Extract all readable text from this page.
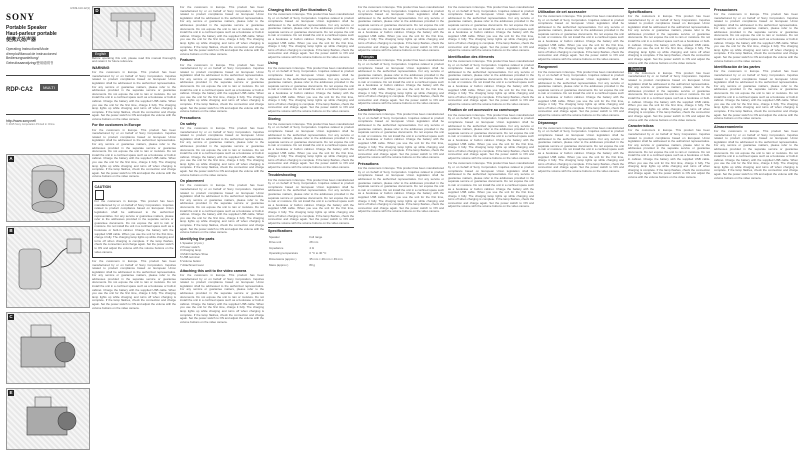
4-549-113-12(1)
SONY
Portable Speaker
Haut-parleur portable
便携式扬声器
Operating Instructions/Mode
d'emploi/Manual de instrucciones/
Bedienungsanleitung/
Gebruiksaanwijzing/使用说明书
RDP-CA2 MULTI
http://www.sony.net/
© 2015 Sony Corporation Printed in China
A
B
C
E
D
English

Before operating this unit, please read this manual thoroughly and retain it for future reference.

WARNING

For the customers in Europe. This product has been manufactured by or on behalf of Sony Corporation. Inquiries related to product compliance based on European Union legislation shall be addressed to the authorized representative. For any service or guarantee matters, please refer to the addresses provided in the separate service or guarantee documents. Do not expose the unit to rain or moisture. Do not install the unit in a confined space such as a bookcase or built-in cabinet. Charge the battery with the supplied USB cable. When you use the unit for the first time, charge it fully. The charging lamp lights up while charging and turns off when charging is complete. If the lamp flashes, check the connection and charge again. Set the power switch to ON and adjust the volume with the volume buttons on the video camera.

For the customers in Europe

For the customers in Europe. This product has been manufactured by or on behalf of Sony Corporation. Inquiries related to product compliance based on European Union legislation shall be addressed to the authorized representative. For any service or guarantee matters, please refer to the addresses provided in the separate service or guarantee documents. Do not expose the unit to rain or moisture. Do not install the unit in a confined space such as a bookcase or built-in cabinet. Charge the battery with the supplied USB cable. When you use the unit for the first time, charge it fully. The charging lamp lights up while charging and turns off when charging is complete. If the lamp flashes, check the connection and charge again. Set the power switch to ON and adjust the volume with the volume buttons on the video camera.

CAUTION

For the customers in Europe. This product has been manufactured by or on behalf of Sony Corporation. Inquiries related to product compliance based on European Union legislation shall be addressed to the authorized representative. For any service or guarantee matters, please refer to the addresses provided in the separate service or guarantee documents. Do not expose the unit to rain or moisture. Do not install the unit in a confined space such as a bookcase or built-in cabinet. Charge the battery with the supplied USB cable. When you use the unit for the first time, charge it fully. The charging lamp lights up while charging and turns off when charging is complete. If the lamp flashes, check the connection and charge again. Set the power switch to ON and adjust the volume with the volume buttons on the video camera.

For the customers in Europe. This product has been manufactured by or on behalf of Sony Corporation. Inquiries related to product compliance based on European Union legislation shall be addressed to the authorized representative. For any service or guarantee matters, please refer to the addresses provided in the separate service or guarantee documents. Do not expose the unit to rain or moisture. Do not install the unit in a confined space such as a bookcase or built-in cabinet. Charge the battery with the supplied USB cable. When you use the unit for the first time, charge it fully. The charging lamp lights up while charging and turns off when charging is complete. If the lamp flashes, check the connection and charge again. Set the power switch to ON and adjust the volume with the volume buttons on the video camera.

For the customers in Europe. This product has been manufactured by or on behalf of Sony Corporation. Inquiries related to product compliance based on European Union legislation shall be addressed to the authorized representative. For any service or guarantee matters, please refer to the addresses provided in the separate service or guarantee documents. Do not expose the unit to rain or moisture. Do not install the unit in a confined space such as a bookcase or built-in cabinet. Charge the battery with the supplied USB cable. When you use the unit for the first time, charge it fully. The charging lamp lights up while charging and turns off when charging is complete. If the lamp flashes, check the connection and charge again. Set the power switch to ON and adjust the volume with the volume buttons on the video camera.

Features

For the customers in Europe. This product has been manufactured by or on behalf of Sony Corporation. Inquiries related to product compliance based on European Union legislation shall be addressed to the authorized representative. For any service or guarantee matters, please refer to the addresses provided in the separate service or guarantee documents. Do not expose the unit to rain or moisture. Do not install the unit in a confined space such as a bookcase or built-in cabinet. Charge the battery with the supplied USB cable. When you use the unit for the first time, charge it fully. The charging lamp lights up while charging and turns off when charging is complete. If the lamp flashes, check the connection and charge again. Set the power switch to ON and adjust the volume with the volume buttons on the video camera.

Precautions
On safety

For the customers in Europe. This product has been manufactured by or on behalf of Sony Corporation. Inquiries related to product compliance based on European Union legislation shall be addressed to the authorized representative. For any service or guarantee matters, please refer to the addresses provided in the separate service or guarantee documents. Do not expose the unit to rain or moisture. Do not install the unit in a confined space such as a bookcase or built-in cabinet. Charge the battery with the supplied USB cable. When you use the unit for the first time, charge it fully. The charging lamp lights up while charging and turns off when charging is complete. If the lamp flashes, check the connection and charge again. Set the power switch to ON and adjust the volume with the volume buttons on the video camera.

On placement

For the customers in Europe. This product has been manufactured by or on behalf of Sony Corporation. Inquiries related to product compliance based on European Union legislation shall be addressed to the authorized representative. For any service or guarantee matters, please refer to the addresses provided in the separate service or guarantee documents. Do not expose the unit to rain or moisture. Do not install the unit in a confined space such as a bookcase or built-in cabinet. Charge the battery with the supplied USB cable. When you use the unit for the first time, charge it fully. The charging lamp lights up while charging and turns off when charging is complete. If the lamp flashes, check the connection and charge again. Set the power switch to ON and adjust the volume with the volume buttons on the video camera.

Identifying the parts
1 Speaker (2 pcs.)
2 Power switch
3 Charging lamp
4 Multi Interface Shoe
5 USB terminal
6 Volume button
7 Attachment lever
Attaching this unit to the video camera

For the customers in Europe. This product has been manufactured by or on behalf of Sony Corporation. Inquiries related to product compliance based on European Union legislation shall be addressed to the authorized representative. For any service or guarantee matters, please refer to the addresses provided in the separate service or guarantee documents. Do not expose the unit to rain or moisture. Do not install the unit in a confined space such as a bookcase or built-in cabinet. Charge the battery with the supplied USB cable. When you use the unit for the first time, charge it fully. The charging lamp lights up while charging and turns off when charging is complete. If the lamp flashes, check the connection and charge again. Set the power switch to ON and adjust the volume with the volume buttons on the video camera.

Charging this unit (See Illustration C)

For the customers in Europe. This product has been manufactured by or on behalf of Sony Corporation. Inquiries related to product compliance based on European Union legislation shall be addressed to the authorized representative. For any service or guarantee matters, please refer to the addresses provided in the separate service or guarantee documents. Do not expose the unit to rain or moisture. Do not install the unit in a confined space such as a bookcase or built-in cabinet. Charge the battery with the supplied USB cable. When you use the unit for the first time, charge it fully. The charging lamp lights up while charging and turns off when charging is complete. If the lamp flashes, check the connection and charge again. Set the power switch to ON and adjust the volume with the volume buttons on the video camera.

Using

For the customers in Europe. This product has been manufactured by or on behalf of Sony Corporation. Inquiries related to product compliance based on European Union legislation shall be addressed to the authorized representative. For any service or guarantee matters, please refer to the addresses provided in the separate service or guarantee documents. Do not expose the unit to rain or moisture. Do not install the unit in a confined space such as a bookcase or built-in cabinet. Charge the battery with the supplied USB cable. When you use the unit for the first time, charge it fully. The charging lamp lights up while charging and turns off when charging is complete. If the lamp flashes, check the connection and charge again. Set the power switch to ON and adjust the volume with the volume buttons on the video camera.

Storing

For the customers in Europe. This product has been manufactured by or on behalf of Sony Corporation. Inquiries related to product compliance based on European Union legislation shall be addressed to the authorized representative. For any service or guarantee matters, please refer to the addresses provided in the separate service or guarantee documents. Do not expose the unit to rain or moisture. Do not install the unit in a confined space such as a bookcase or built-in cabinet. Charge the battery with the supplied USB cable. When you use the unit for the first time, charge it fully. The charging lamp lights up while charging and turns off when charging is complete. If the lamp flashes, check the connection and charge again. Set the power switch to ON and adjust the volume with the volume buttons on the video camera.

Troubleshooting

For the customers in Europe. This product has been manufactured by or on behalf of Sony Corporation. Inquiries related to product compliance based on European Union legislation shall be addressed to the authorized representative. For any service or guarantee matters, please refer to the addresses provided in the separate service or guarantee documents. Do not expose the unit to rain or moisture. Do not install the unit in a confined space such as a bookcase or built-in cabinet. Charge the battery with the supplied USB cable. When you use the unit for the first time, charge it fully. The charging lamp lights up while charging and turns off when charging is complete. If the lamp flashes, check the connection and charge again. Set the power switch to ON and adjust the volume with the volume buttons on the video camera.

Specifications
Speaker	Full range
Drive unit	28 mm
Impedance	4 Ω
Operating temperature	0 °C to 40 °C
Dimensions (approx.)	35 mm × 49 mm × 49 mm
Mass (approx.)	80 g

For the customers in Europe. This product has been manufactured by or on behalf of Sony Corporation. Inquiries related to product compliance based on European Union legislation shall be addressed to the authorized representative. For any service or guarantee matters, please refer to the addresses provided in the separate service or guarantee documents. Do not expose the unit to rain or moisture. Do not install the unit in a confined space such as a bookcase or built-in cabinet. Charge the battery with the supplied USB cable. When you use the unit for the first time, charge it fully. The charging lamp lights up while charging and turns off when charging is complete. If the lamp flashes, check the connection and charge again. Set the power switch to ON and adjust the volume with the volume buttons on the video camera.

Français

For the customers in Europe. This product has been manufactured by or on behalf of Sony Corporation. Inquiries related to product compliance based on European Union legislation shall be addressed to the authorized representative. For any service or guarantee matters, please refer to the addresses provided in the separate service or guarantee documents. Do not expose the unit to rain or moisture. Do not install the unit in a confined space such as a bookcase or built-in cabinet. Charge the battery with the supplied USB cable. When you use the unit for the first time, charge it fully. The charging lamp lights up while charging and turns off when charging is complete. If the lamp flashes, check the connection and charge again. Set the power switch to ON and adjust the volume with the volume buttons on the video camera.

Caractéristiques

For the customers in Europe. This product has been manufactured by or on behalf of Sony Corporation. Inquiries related to product compliance based on European Union legislation shall be addressed to the authorized representative. For any service or guarantee matters, please refer to the addresses provided in the separate service or guarantee documents. Do not expose the unit to rain or moisture. Do not install the unit in a confined space such as a bookcase or built-in cabinet. Charge the battery with the supplied USB cable. When you use the unit for the first time, charge it fully. The charging lamp lights up while charging and turns off when charging is complete. If the lamp flashes, check the connection and charge again. Set the power switch to ON and adjust the volume with the volume buttons on the video camera.

Précautions

For the customers in Europe. This product has been manufactured by or on behalf of Sony Corporation. Inquiries related to product compliance based on European Union legislation shall be addressed to the authorized representative. For any service or guarantee matters, please refer to the addresses provided in the separate service or guarantee documents. Do not expose the unit to rain or moisture. Do not install the unit in a confined space such as a bookcase or built-in cabinet. Charge the battery with the supplied USB cable. When you use the unit for the first time, charge it fully. The charging lamp lights up while charging and turns off when charging is complete. If the lamp flashes, check the connection and charge again. Set the power switch to ON and adjust the volume with the volume buttons on the video camera.

For the customers in Europe. This product has been manufactured by or on behalf of Sony Corporation. Inquiries related to product compliance based on European Union legislation shall be addressed to the authorized representative. For any service or guarantee matters, please refer to the addresses provided in the separate service or guarantee documents. Do not expose the unit to rain or moisture. Do not install the unit in a confined space such as a bookcase or built-in cabinet. Charge the battery with the supplied USB cable. When you use the unit for the first time, charge it fully. The charging lamp lights up while charging and turns off when charging is complete. If the lamp flashes, check the connection and charge again. Set the power switch to ON and adjust the volume with the volume buttons on the video camera.

Identification des éléments

For the customers in Europe. This product has been manufactured by or on behalf of Sony Corporation. Inquiries related to product compliance based on European Union legislation shall be addressed to the authorized representative. For any service or guarantee matters, please refer to the addresses provided in the separate service or guarantee documents. Do not expose the unit to rain or moisture. Do not install the unit in a confined space such as a bookcase or built-in cabinet. Charge the battery with the supplied USB cable. When you use the unit for the first time, charge it fully. The charging lamp lights up while charging and turns off when charging is complete. If the lamp flashes, check the connection and charge again. Set the power switch to ON and adjust the volume with the volume buttons on the video camera.

Fixation de cet accessoire au caméscope

For the customers in Europe. This product has been manufactured by or on behalf of Sony Corporation. Inquiries related to product compliance based on European Union legislation shall be addressed to the authorized representative. For any service or guarantee matters, please refer to the addresses provided in the separate service or guarantee documents. Do not expose the unit to rain or moisture. Do not install the unit in a confined space such as a bookcase or built-in cabinet. Charge the battery with the supplied USB cable. When you use the unit for the first time, charge it fully. The charging lamp lights up while charging and turns off when charging is complete. If the lamp flashes, check the connection and charge again. Set the power switch to ON and adjust the volume with the volume buttons on the video camera.

For the customers in Europe. This product has been manufactured by or on behalf of Sony Corporation. Inquiries related to product compliance based on European Union legislation shall be addressed to the authorized representative. For any service or guarantee matters, please refer to the addresses provided in the separate service or guarantee documents. Do not expose the unit to rain or moisture. Do not install the unit in a confined space such as a bookcase or built-in cabinet. Charge the battery with the supplied USB cable. When you use the unit for the first time, charge it fully. The charging lamp lights up while charging and turns off when charging is complete. If the lamp flashes, check the connection and charge again. Set the power switch to ON and adjust the volume with the volume buttons on the video camera.

Utilisation de cet accessoire

For the customers in Europe. This product has been manufactured by or on behalf of Sony Corporation. Inquiries related to product compliance based on European Union legislation shall be addressed to the authorized representative. For any service or guarantee matters, please refer to the addresses provided in the separate service or guarantee documents. Do not expose the unit to rain or moisture. Do not install the unit in a confined space such as a bookcase or built-in cabinet. Charge the battery with the supplied USB cable. When you use the unit for the first time, charge it fully. The charging lamp lights up while charging and turns off when charging is complete. If the lamp flashes, check the connection and charge again. Set the power switch to ON and adjust the volume with the volume buttons on the video camera.

Rangement

For the customers in Europe. This product has been manufactured by or on behalf of Sony Corporation. Inquiries related to product compliance based on European Union legislation shall be addressed to the authorized representative. For any service or guarantee matters, please refer to the addresses provided in the separate service or guarantee documents. Do not expose the unit to rain or moisture. Do not install the unit in a confined space such as a bookcase or built-in cabinet. Charge the battery with the supplied USB cable. When you use the unit for the first time, charge it fully. The charging lamp lights up while charging and turns off when charging is complete. If the lamp flashes, check the connection and charge again. Set the power switch to ON and adjust the volume with the volume buttons on the video camera.

Dépannage

For the customers in Europe. This product has been manufactured by or on behalf of Sony Corporation. Inquiries related to product compliance based on European Union legislation shall be addressed to the authorized representative. For any service or guarantee matters, please refer to the addresses provided in the separate service or guarantee documents. Do not expose the unit to rain or moisture. Do not install the unit in a confined space such as a bookcase or built-in cabinet. Charge the battery with the supplied USB cable. When you use the unit for the first time, charge it fully. The charging lamp lights up while charging and turns off when charging is complete. If the lamp flashes, check the connection and charge again. Set the power switch to ON and adjust the volume with the volume buttons on the video camera.

Spécifications

For the customers in Europe. This product has been manufactured by or on behalf of Sony Corporation. Inquiries related to product compliance based on European Union legislation shall be addressed to the authorized representative. For any service or guarantee matters, please refer to the addresses provided in the separate service or guarantee documents. Do not expose the unit to rain or moisture. Do not install the unit in a confined space such as a bookcase or built-in cabinet. Charge the battery with the supplied USB cable. When you use the unit for the first time, charge it fully. The charging lamp lights up while charging and turns off when charging is complete. If the lamp flashes, check the connection and charge again. Set the power switch to ON and adjust the volume with the volume buttons on the video camera.

Español

For the customers in Europe. This product has been manufactured by or on behalf of Sony Corporation. Inquiries related to product compliance based on European Union legislation shall be addressed to the authorized representative. For any service or guarantee matters, please refer to the addresses provided in the separate service or guarantee documents. Do not expose the unit to rain or moisture. Do not install the unit in a confined space such as a bookcase or built-in cabinet. Charge the battery with the supplied USB cable. When you use the unit for the first time, charge it fully. The charging lamp lights up while charging and turns off when charging is complete. If the lamp flashes, check the connection and charge again. Set the power switch to ON and adjust the volume with the volume buttons on the video camera.

Características

For the customers in Europe. This product has been manufactured by or on behalf of Sony Corporation. Inquiries related to product compliance based on European Union legislation shall be addressed to the authorized representative. For any service or guarantee matters, please refer to the addresses provided in the separate service or guarantee documents. Do not expose the unit to rain or moisture. Do not install the unit in a confined space such as a bookcase or built-in cabinet. Charge the battery with the supplied USB cable. When you use the unit for the first time, charge it fully. The charging lamp lights up while charging and turns off when charging is complete. If the lamp flashes, check the connection and charge again. Set the power switch to ON and adjust the volume with the volume buttons on the video camera.

Precauciones

For the customers in Europe. This product has been manufactured by or on behalf of Sony Corporation. Inquiries related to product compliance based on European Union legislation shall be addressed to the authorized representative. For any service or guarantee matters, please refer to the addresses provided in the separate service or guarantee documents. Do not expose the unit to rain or moisture. Do not install the unit in a confined space such as a bookcase or built-in cabinet. Charge the battery with the supplied USB cable. When you use the unit for the first time, charge it fully. The charging lamp lights up while charging and turns off when charging is complete. If the lamp flashes, check the connection and charge again. Set the power switch to ON and adjust the volume with the volume buttons on the video camera.

Identificación de las partes

For the customers in Europe. This product has been manufactured by or on behalf of Sony Corporation. Inquiries related to product compliance based on European Union legislation shall be addressed to the authorized representative. For any service or guarantee matters, please refer to the addresses provided in the separate service or guarantee documents. Do not expose the unit to rain or moisture. Do not install the unit in a confined space such as a bookcase or built-in cabinet. Charge the battery with the supplied USB cable. When you use the unit for the first time, charge it fully. The charging lamp lights up while charging and turns off when charging is complete. If the lamp flashes, check the connection and charge again. Set the power switch to ON and adjust the volume with the volume buttons on the video camera.

Almacenamiento

For the customers in Europe. This product has been manufactured by or on behalf of Sony Corporation. Inquiries related to product compliance based on European Union legislation shall be addressed to the authorized representative. For any service or guarantee matters, please refer to the addresses provided in the separate service or guarantee documents. Do not expose the unit to rain or moisture. Do not install the unit in a confined space such as a bookcase or built-in cabinet. Charge the battery with the supplied USB cable. When you use the unit for the first time, charge it fully. The charging lamp lights up while charging and turns off when charging is complete. If the lamp flashes, check the connection and charge again. Set the power switch to ON and adjust the volume with the volume buttons on the video camera.
